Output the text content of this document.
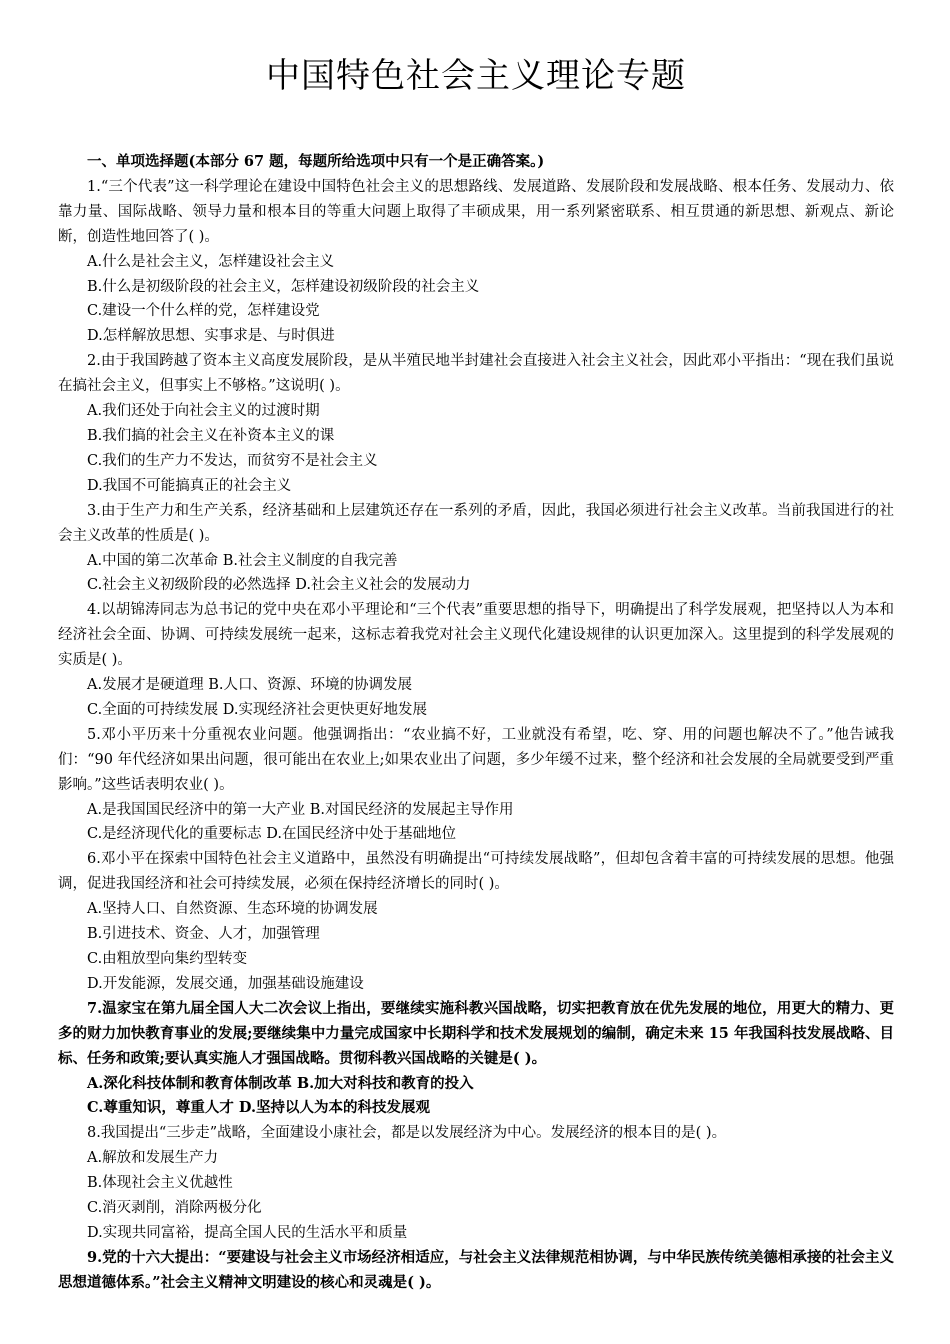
中国特色社会主义理论专题

一、单项选择题(本部分 67 题，每题所给选项中只有一个是正确答案。)

1.“三个代表”这一科学理论在建设中国特色社会主义的思想路线、发展道路、发展阶段和发展战略、根本任务、发展动力、依靠力量、国际战略、领导力量和根本目的等重大问题上取得了丰硕成果，用一系列紧密联系、相互贯通的新思想、新观点、新论断，创造性地回答了( )。

A.什么是社会主义，怎样建设社会主义

B.什么是初级阶段的社会主义，怎样建设初级阶段的社会主义

C.建设一个什么样的党，怎样建设党

D.怎样解放思想、实事求是、与时俱进

2.由于我国跨越了资本主义高度发展阶段，是从半殖民地半封建社会直接进入社会主义社会，因此邓小平指出：“现在我们虽说在搞社会主义，但事实上不够格。”这说明( )。

A.我们还处于向社会主义的过渡时期

B.我们搞的社会主义在补资本主义的课

C.我们的生产力不发达，而贫穷不是社会主义

D.我国不可能搞真正的社会主义

3.由于生产力和生产关系，经济基础和上层建筑还存在一系列的矛盾，因此，我国必须进行社会主义改革。当前我国进行的社会主义改革的性质是( )。

A.中国的第二次革命 B.社会主义制度的自我完善

C.社会主义初级阶段的必然选择 D.社会主义社会的发展动力

4.以胡锦涛同志为总书记的党中央在邓小平理论和“三个代表”重要思想的指导下，明确提出了科学发展观，把坚持以人为本和经济社会全面、协调、可持续发展统一起来，这标志着我党对社会主义现代化建设规律的认识更加深入。这里提到的科学发展观的实质是( )。

A.发展才是硬道理 B.人口、资源、环境的协调发展

C.全面的可持续发展 D.实现经济社会更快更好地发展

5.邓小平历来十分重视农业问题。他强调指出：“农业搞不好，工业就没有希望，吃、穿、用的问题也解决不了。”他告诫我们：“90 年代经济如果出问题，很可能出在农业上;如果农业出了问题，多少年缓不过来，整个经济和社会发展的全局就要受到严重影响。”这些话表明农业( )。

A.是我国国民经济中的第一大产业 B.对国民经济的发展起主导作用

C.是经济现代化的重要标志 D.在国民经济中处于基础地位

6.邓小平在探索中国特色社会主义道路中，虽然没有明确提出“可持续发展战略”，但却包含着丰富的可持续发展的思想。他强调，促进我国经济和社会可持续发展，必须在保持经济增长的同时( )。

A.坚持人口、自然资源、生态环境的协调发展

B.引进技术、资金、人才，加强管理

C.由粗放型向集约型转变

D.开发能源，发展交通，加强基础设施建设

7.温家宝在第九届全国人大二次会议上指出，要继续实施科教兴国战略，切实把教育放在优先发展的地位，用更大的精力、更多的财力加快教育事业的发展;要继续集中力量完成国家中长期科学和技术发展规划的编制，确定未来 15 年我国科技发展战略、目标、任务和政策;要认真实施人才强国战略。贯彻科教兴国战略的关键是( )。

A.深化科技体制和教育体制改革 B.加大对科技和教育的投入

C.尊重知识，尊重人才 D.坚持以人为本的科技发展观

8.我国提出“三步走”战略，全面建设小康社会，都是以发展经济为中心。发展经济的根本目的是( )。

A.解放和发展生产力

B.体现社会主义优越性

C.消灭剥削，消除两极分化

D.实现共同富裕，提高全国人民的生活水平和质量

9.党的十六大提出：“要建设与社会主义市场经济相适应，与社会主义法律规范相协调，与中华民族传统美德相承接的社会主义思想道德体系。”社会主义精神文明建设的核心和灵魂是( )。
